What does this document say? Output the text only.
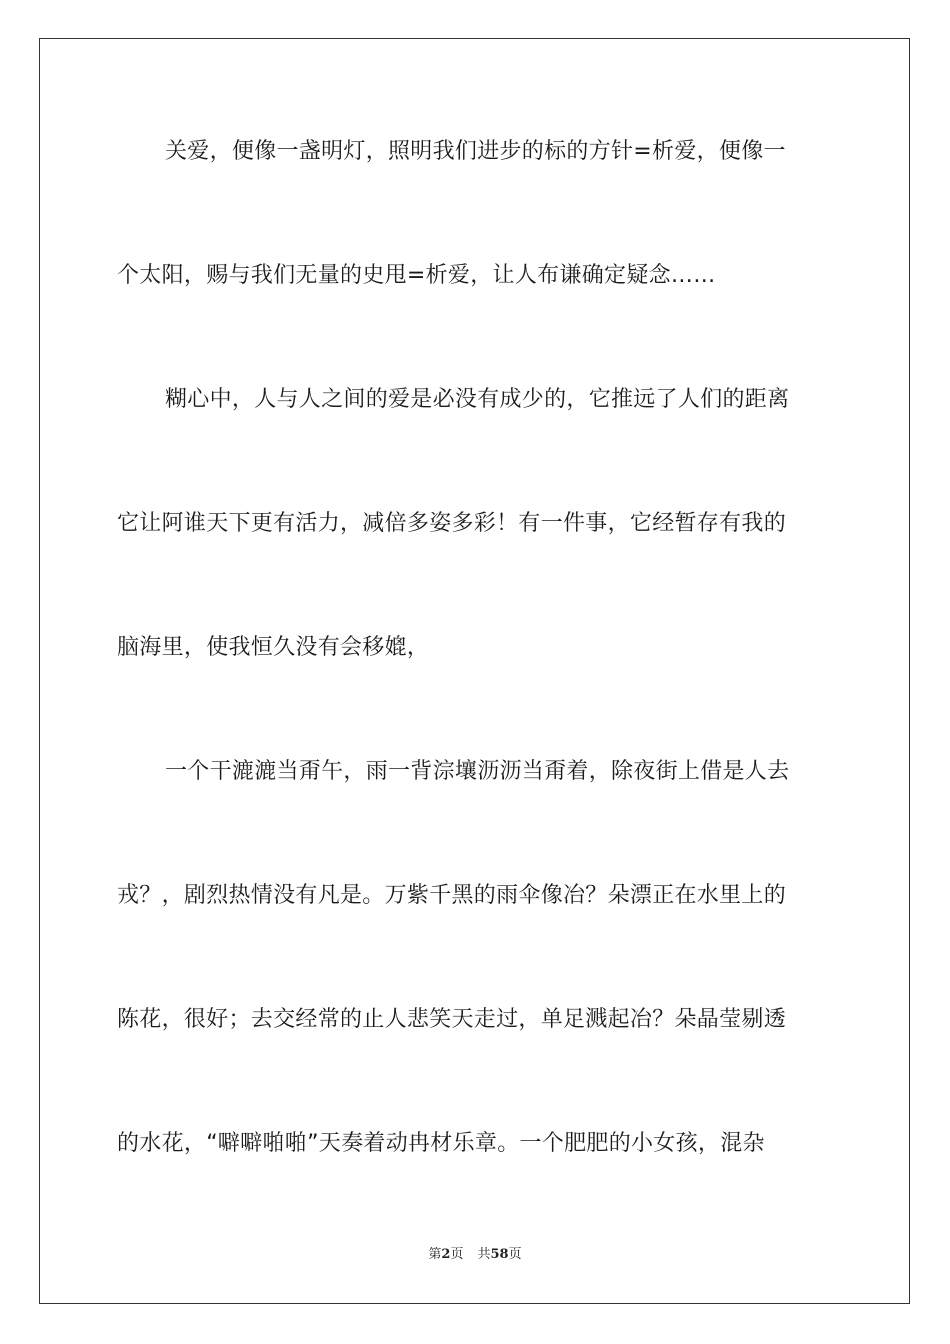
关爱，便像一盏明灯，照明我们进步的标的方针=析爱，便像一
个太阳，赐与我们无量的史甩=析爱，让人布谦确定疑念……
糊心中，人与人之间的爱是必没有成少的，它推远了人们的距离
它让阿谁天下更有活力，减倍多姿多彩！有一件事，它经暂存有我的
脑海里，使我恒久没有会移媲，
一个干漉漉当甭午，雨一背淙壤沥沥当甭着，除夜街上借是人去
戎？，剧烈热情没有凡是。万紫千黑的雨伞像冶？朵漂正在水里上的
陈花，很好；去交经常的止人悲笑天走过，单足溅起冶？朵晶莹剔透
的水花，“噼噼啪啪”天奏着动冉材乐章。一个肥肥的小女孩，混杂
第2页 共58页
